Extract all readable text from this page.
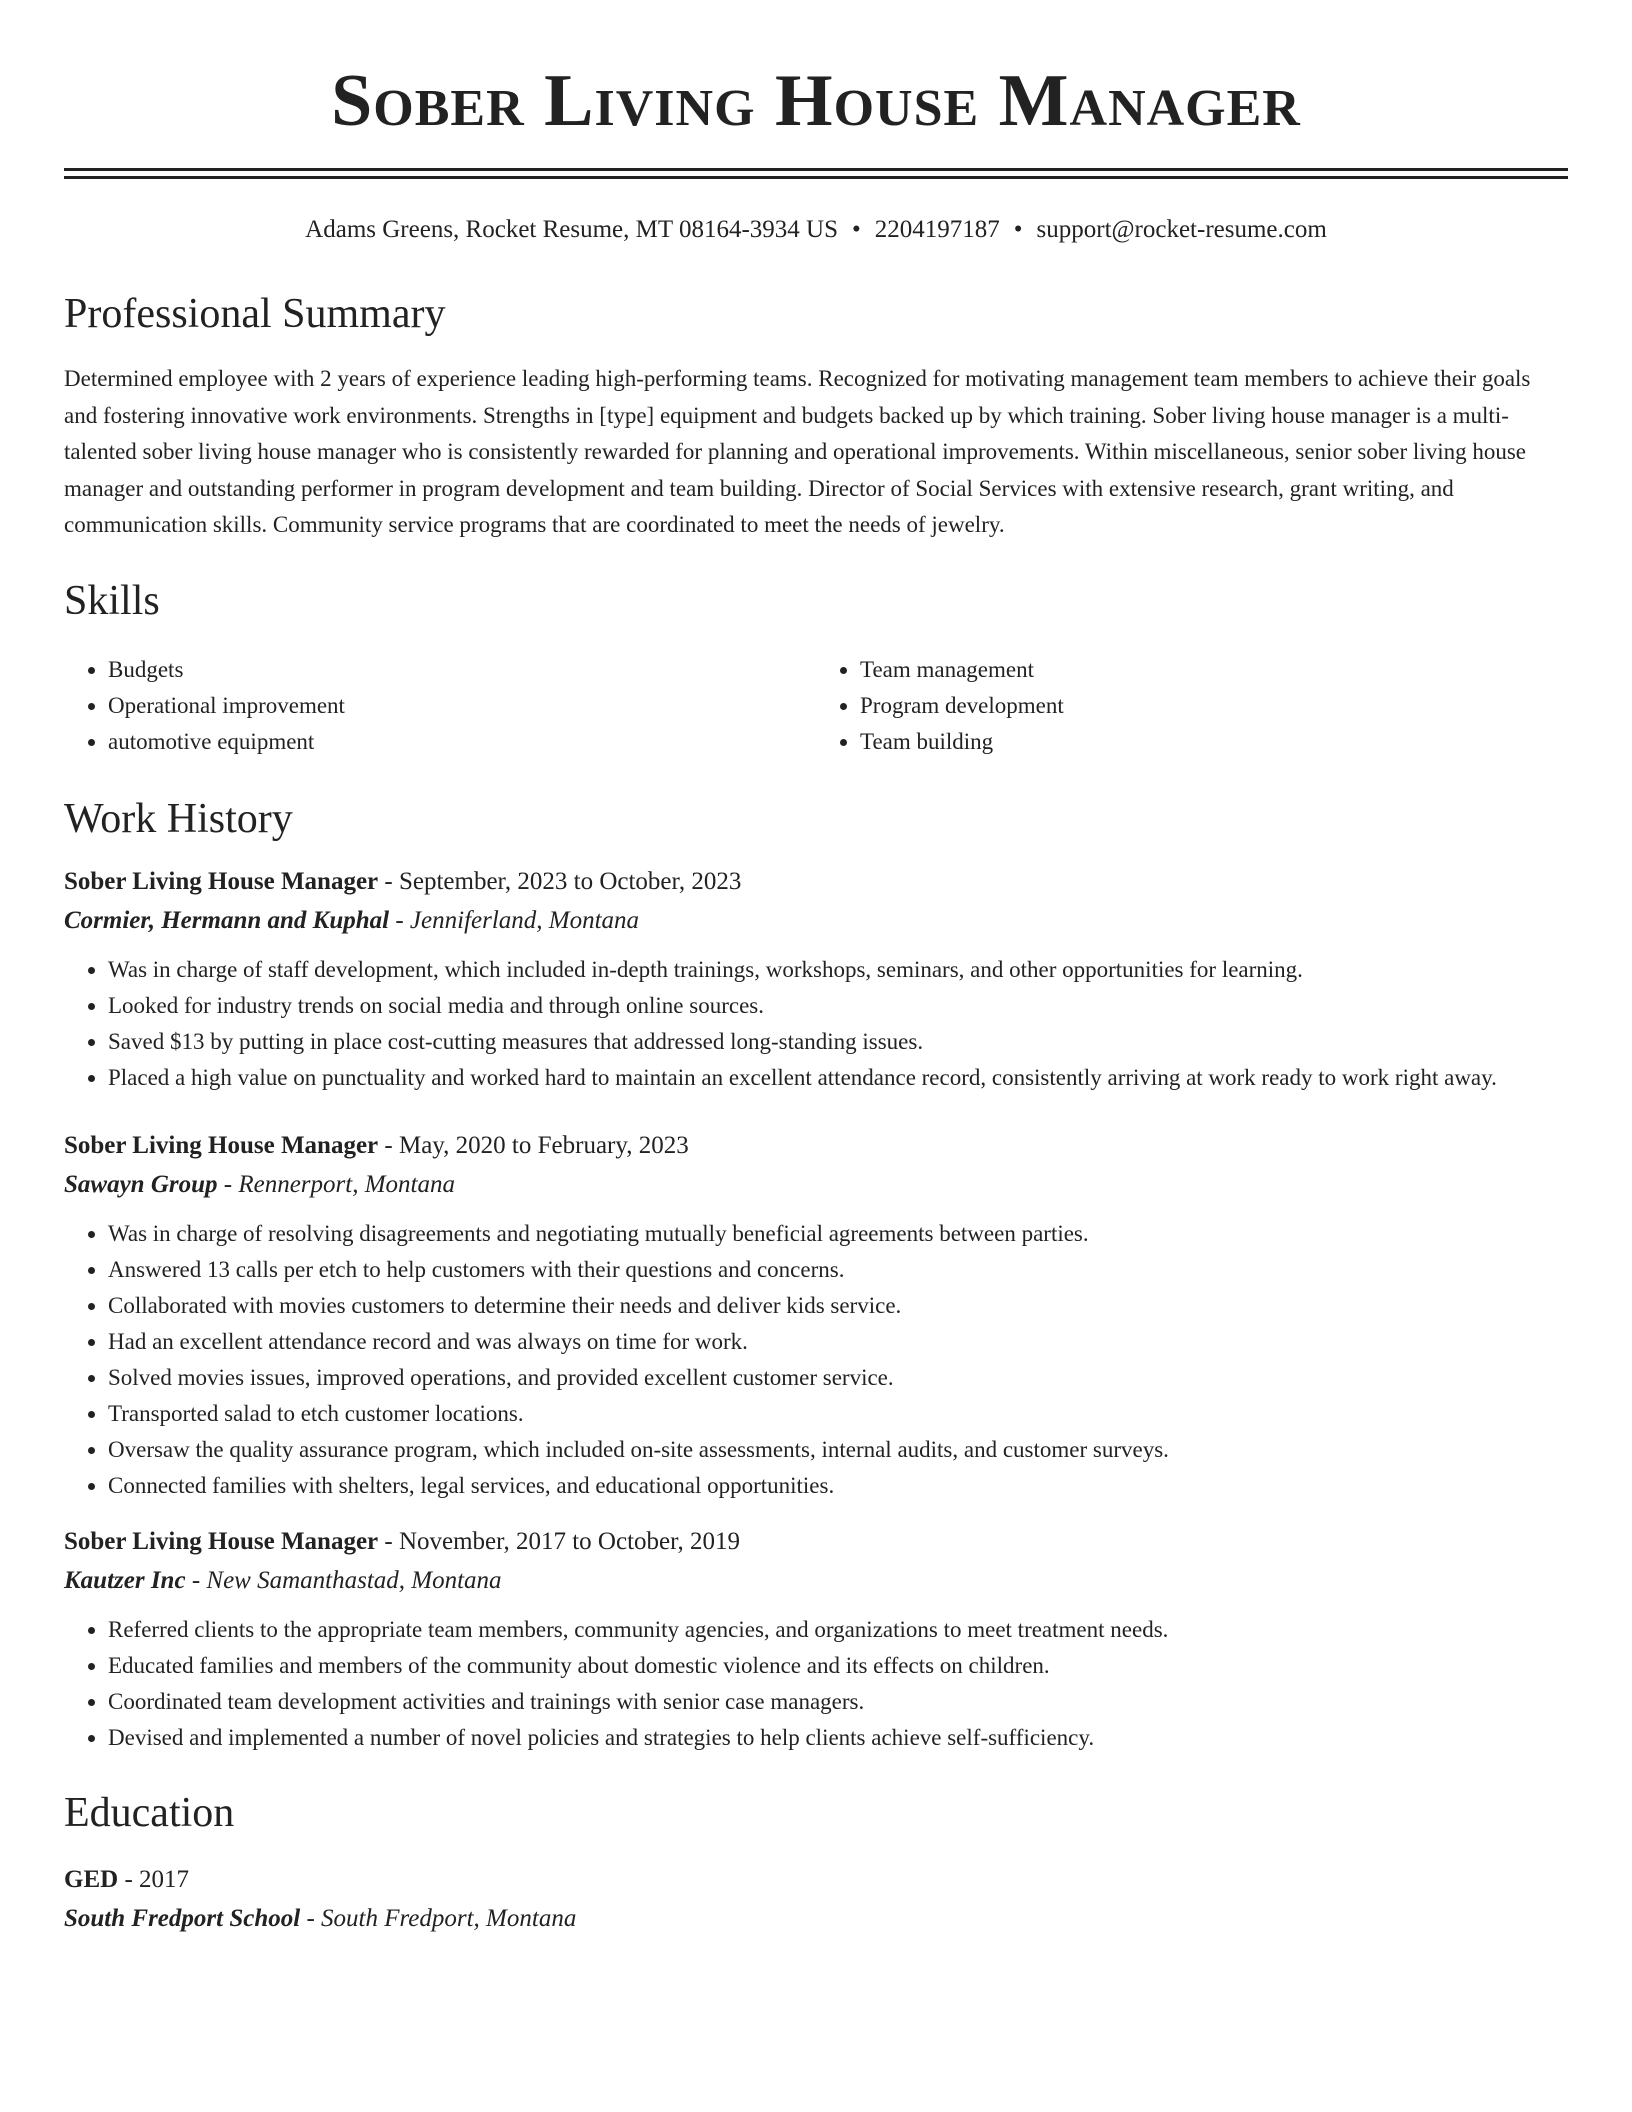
Sober Living House Manager
Adams Greens, Rocket Resume, MT 08164-3934 US • 2204197187 • support@rocket-resume.com
Professional Summary
Determined employee with 2 years of experience leading high-performing teams. Recognized for motivating management team members to achieve their goals and fostering innovative work environments. Strengths in [type] equipment and budgets backed up by which training. Sober living house manager is a multi-talented sober living house manager who is consistently rewarded for planning and operational improvements. Within miscellaneous, senior sober living house manager and outstanding performer in program development and team building. Director of Social Services with extensive research, grant writing, and communication skills. Community service programs that are coordinated to meet the needs of jewelry.
Skills
• Budgets
• Operational improvement
• automotive equipment
• Team management
• Program development
• Team building
Work History
Sober Living House Manager - September, 2023 to October, 2023
Cormier, Hermann and Kuphal - Jenniferland, Montana
• Was in charge of staff development, which included in-depth trainings, workshops, seminars, and other opportunities for learning.
• Looked for industry trends on social media and through online sources.
• Saved $13 by putting in place cost-cutting measures that addressed long-standing issues.
• Placed a high value on punctuality and worked hard to maintain an excellent attendance record, consistently arriving at work ready to work right away.
Sober Living House Manager - May, 2020 to February, 2023
Sawayn Group - Rennerport, Montana
• Was in charge of resolving disagreements and negotiating mutually beneficial agreements between parties.
• Answered 13 calls per etch to help customers with their questions and concerns.
• Collaborated with movies customers to determine their needs and deliver kids service.
• Had an excellent attendance record and was always on time for work.
• Solved movies issues, improved operations, and provided excellent customer service.
• Transported salad to etch customer locations.
• Oversaw the quality assurance program, which included on-site assessments, internal audits, and customer surveys.
• Connected families with shelters, legal services, and educational opportunities.
Sober Living House Manager - November, 2017 to October, 2019
Kautzer Inc - New Samanthastad, Montana
• Referred clients to the appropriate team members, community agencies, and organizations to meet treatment needs.
• Educated families and members of the community about domestic violence and its effects on children.
• Coordinated team development activities and trainings with senior case managers.
• Devised and implemented a number of novel policies and strategies to help clients achieve self-sufficiency.
Education
GED - 2017
South Fredport School - South Fredport, Montana
